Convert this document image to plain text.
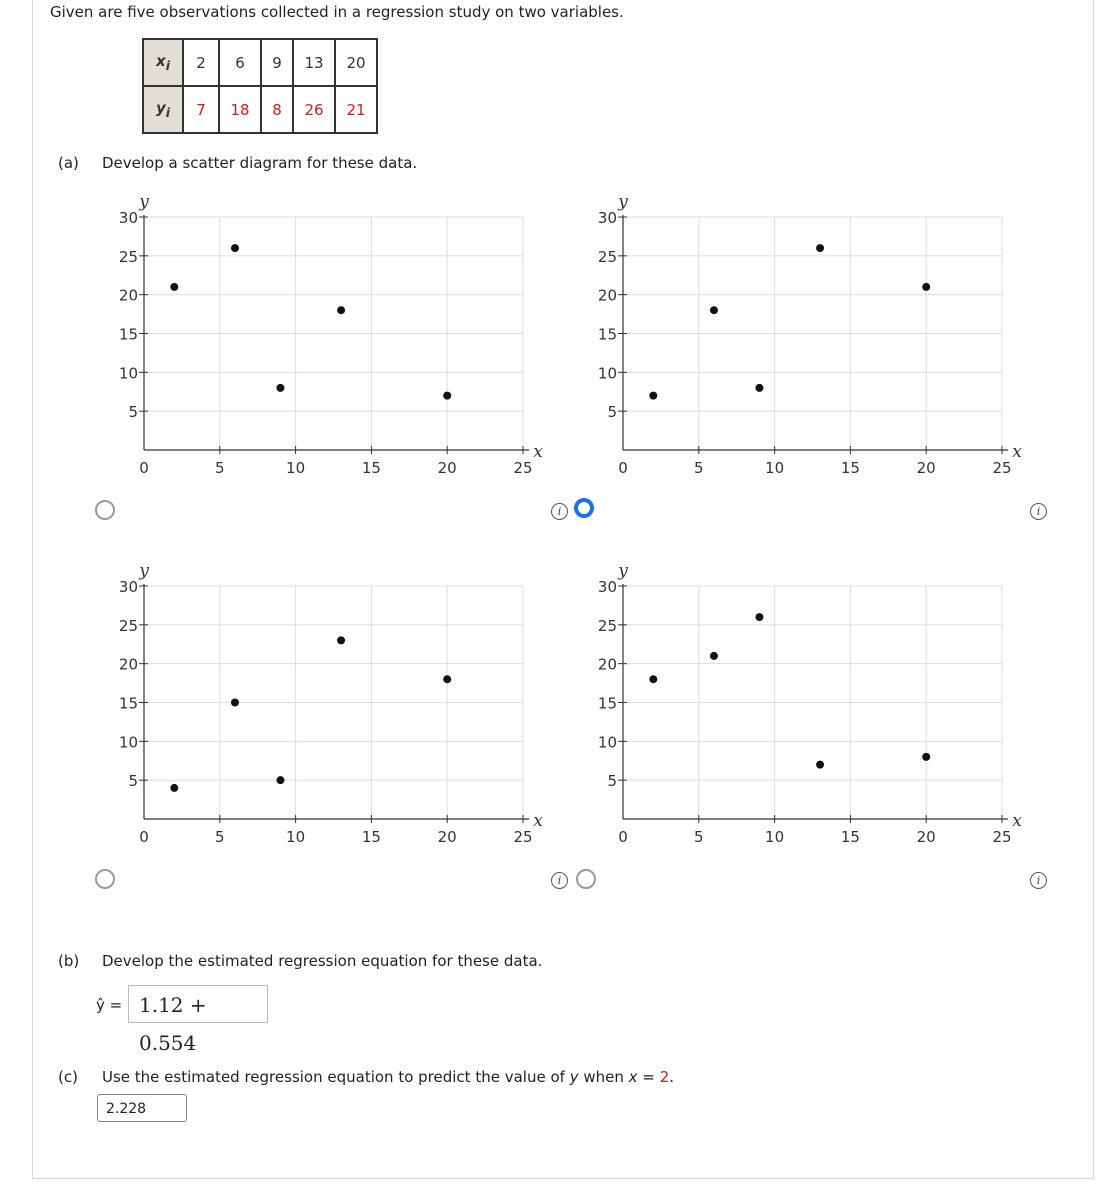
Given are five observations collected in a regression study on two variables.
$x_i$	2	6	9	13	20
$y_i$	7	18	8	26	21
(a) Develop a scatter diagram for these data.
5
10
15
20
25
30
0	5	10	15	20	25
y
x
5
10
15
20
25
30
0	5	10	15	20	25
y
x
5
10
15
20
25
30
0	5	10	15	20	25
y
x
5
10
15
20
25
30
0	5	10	15	20	25
y
x
i	i
i	i
(b) Develop the estimated regression equation for these data.
ŷ = 1.12 + 0.554
(c) Use the estimated regression equation to predict the value of y when x = 2.
2.228
